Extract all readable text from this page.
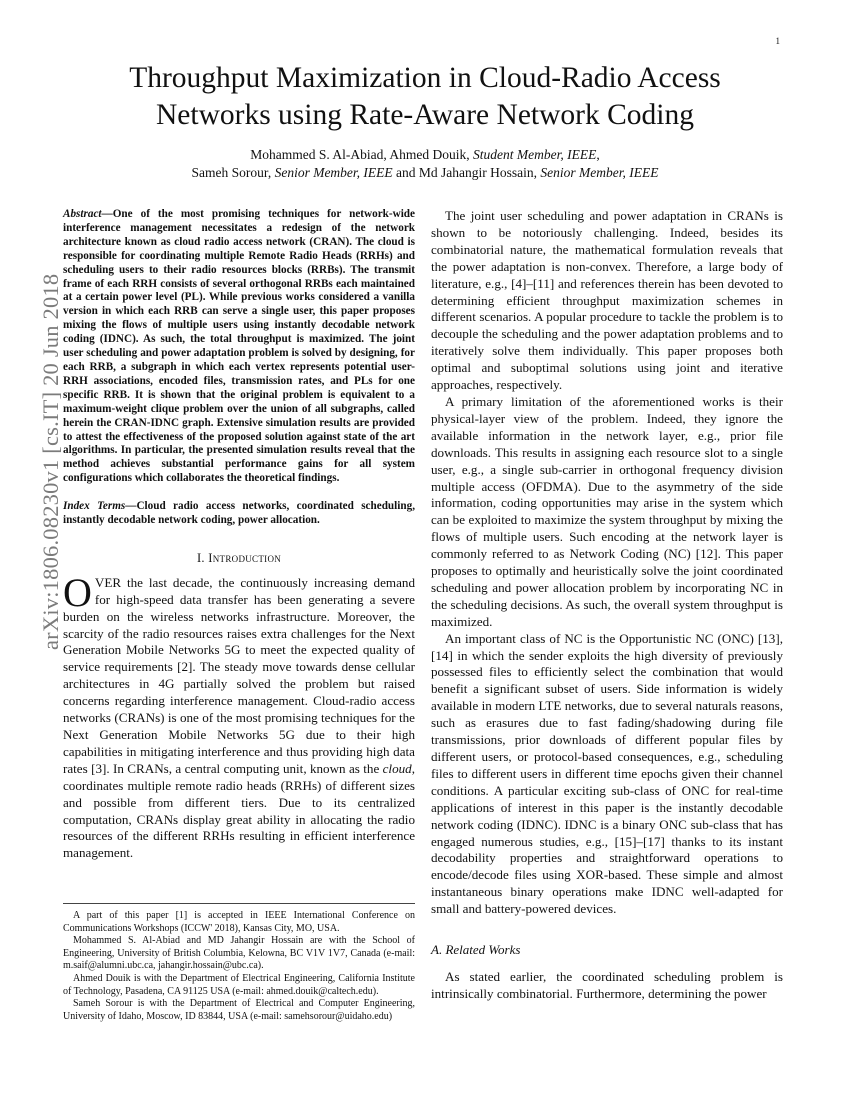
1
arXiv:1806.08230v1 [cs.IT] 20 Jun 2018
Throughput Maximization in Cloud-Radio Access
Networks using Rate-Aware Network Coding
Mohammed S. Al-Abiad, Ahmed Douik, Student Member, IEEE,
Sameh Sorour, Senior Member, IEEE and Md Jahangir Hossain, Senior Member, IEEE

Abstract—One of the most promising techniques for network-wide interference management necessitates a redesign of the network architecture known as cloud radio access network (CRAN). The cloud is responsible for coordinating multiple Remote Radio Heads (RRHs) and scheduling users to their radio resources blocks (RRBs). The transmit frame of each RRH consists of several orthogonal RRBs each maintained at a certain power level (PL). While previous works considered a vanilla version in which each RRB can serve a single user, this paper proposes mixing the flows of multiple users using instantly decodable network coding (IDNC). As such, the total throughput is maximized. The joint user scheduling and power adaptation problem is solved by designing, for each RRB, a subgraph in which each vertex represents potential user-RRH associations, encoded files, transmission rates, and PLs for one specific RRB. It is shown that the original problem is equivalent to a maximum-weight clique problem over the union of all subgraphs, called herein the CRAN-IDNC graph. Extensive simulation results are provided to attest the effectiveness of the proposed solution against state of the art algorithms. In particular, the presented simulation results reveal that the method achieves substantial performance gains for all system configurations which collaborates the theoretical findings.

Index Terms—Cloud radio access networks, coordinated scheduling, instantly decodable network coding, power allocation.

I. Introduction

OVER the last decade, the continuously increasing demand for high-speed data transfer has been generating a severe burden on the wireless networks infrastructure. Moreover, the scarcity of the radio resources raises extra challenges for the Next Generation Mobile Networks 5G to meet the expected quality of service requirements [2]. The steady move towards dense cellular architectures in 4G partially solved the problem but raised concerns regarding interference management. Cloud-radio access networks (CRANs) is one of the most promising techniques for the Next Generation Mobile Networks 5G due to their high capabilities in mitigating interference and thus providing high data rates [3]. In CRANs, a central computing unit, known as the cloud, coordinates multiple remote radio heads (RRHs) of different sizes and possible from different tiers. Due to its centralized computation, CRANs display great ability in allocating the radio resources of the different RRHs resulting in efficient interference management.

The joint user scheduling and power adaptation in CRANs is shown to be notoriously challenging. Indeed, besides its combinatorial nature, the mathematical formulation reveals that the power adaptation is non-convex. Therefore, a large body of literature, e.g., [4]–[11] and references therein has been devoted to determining efficient throughput maximization schemes in different scenarios. A popular procedure to tackle the problem is to decouple the scheduling and the power adaptation problems and to iteratively solve them individually. This paper proposes both optimal and suboptimal solutions using joint and iterative approaches, respectively.

A primary limitation of the aforementioned works is their physical-layer view of the problem. Indeed, they ignore the available information in the network layer, e.g., prior file downloads. This results in assigning each resource slot to a single user, e.g., a single sub-carrier in orthogonal frequency division multiple access (OFDMA). Due to the asymmetry of the side information, coding opportunities may arise in the system which can be exploited to maximize the system throughput by mixing the flows of multiple users. Such encoding at the network layer is commonly referred to as Network Coding (NC) [12]. This paper proposes to optimally and heuristically solve the joint coordinated scheduling and power allocation problem by incorporating NC in the scheduling decisions. As such, the overall system throughput is maximized.

An important class of NC is the Opportunistic NC (ONC) [13], [14] in which the sender exploits the high diversity of previously possessed files to efficiently select the combination that would benefit a significant subset of users. Side information is widely available in modern LTE networks, due to several naturals reasons, such as erasures due to fast fading/shadowing during file transmissions, prior downloads of different popular files by different users, or protocol-based consequences, e.g., scheduling files to different users in different time epochs given their channel conditions. A particular exciting sub-class of ONC for real-time applications of interest in this paper is the instantly decodable network coding (IDNC). IDNC is a binary ONC sub-class that has engaged numerous studies, e.g., [15]–[17] thanks to its instant decodability properties and straightforward operations to encode/decode files using XOR-based. These simple and almost instantaneous binary operations make IDNC well-adapted for small and battery-powered devices.

A. Related Works

As stated earlier, the coordinated scheduling problem is intrinsically combinatorial. Furthermore, determining the power

A part of this paper [1] is accepted in IEEE International Conference on Communications Workshops (ICCW' 2018), Kansas City, MO, USA.

Mohammed S. Al-Abiad and MD Jahangir Hossain are with the School of Engineering, University of British Columbia, Kelowna, BC V1V 1V7, Canada (e-mail: m.saif@alumni.ubc.ca, jahangir.hossain@ubc.ca).

Ahmed Douik is with the Department of Electrical Engineering, California Institute of Technology, Pasadena, CA 91125 USA (e-mail: ahmed.douik@caltech.edu).

Sameh Sorour is with the Department of Electrical and Computer Engineering, University of Idaho, Moscow, ID 83844, USA (e-mail: samehsorour@uidaho.edu)
